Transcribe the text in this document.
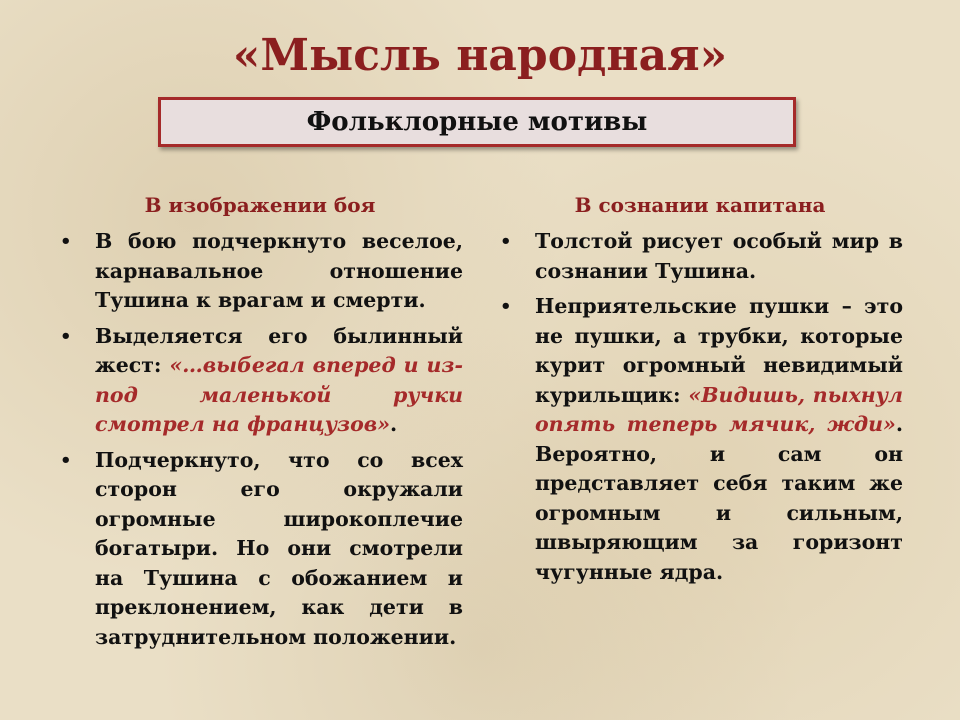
«Мысль народная»
Фольклорные мотивы
В изображении боя	В сознании капитана
• В бою подчеркнуто веселое, карнавальное отношение Тушина к врагам и смерти.
• Выделяется его былинный жест: «…выбегал вперед и из-под маленькой ручки смотрел на французов».
• Подчеркнуто, что со всех сторон его окружали огромные широкоплечие богатыри. Но они смотрели на Тушина с обожанием и преклонением, как дети в затруднительном положении.
• Толстой рисует особый мир в сознании Тушина.
• Неприятельские пушки – это не пушки, а трубки, которые курит огромный невидимый курильщик: «Видишь, пыхнул опять теперь мячик, жди». Вероятно, и сам он представляет себя таким же огромным и сильным, швыряющим за горизонт чугунные ядра.
